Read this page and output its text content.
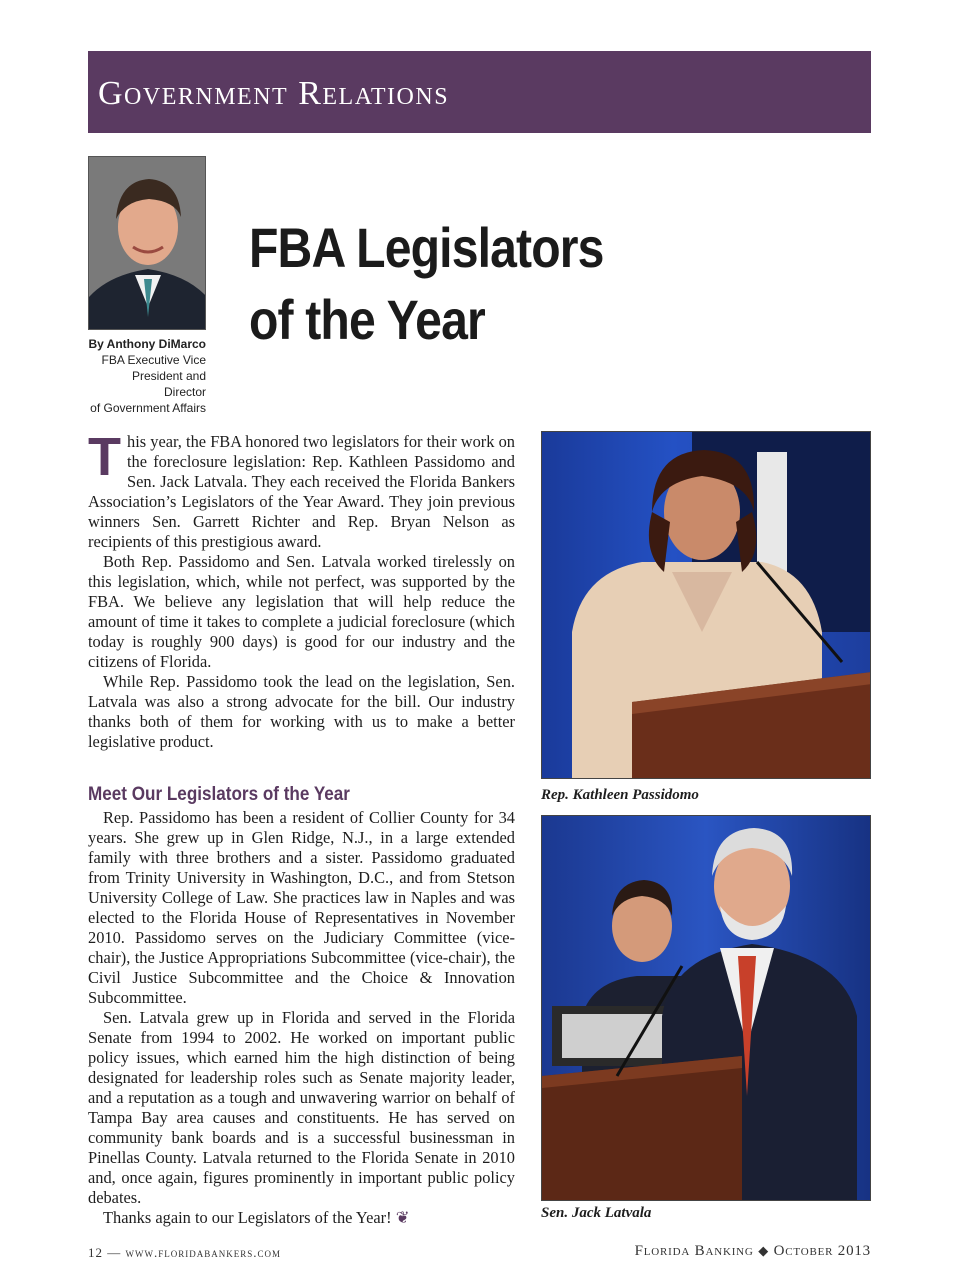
Government Relations
By Anthony DiMarco
FBA Executive Vice
President and Director
of Government Affairs
FBA Legislators
of the Year

This year, the FBA honored two legislators for their work on the foreclosure legislation: Rep. Kathleen Passidomo and Sen. Jack Latvala. They each received the Florida Bankers Association’s Legislators of the Year Award. They join previous winners Sen. Garrett Richter and Rep. Bryan Nelson as recipients of this prestigious award.

Both Rep. Passidomo and Sen. Latvala worked tirelessly on this legislation, which, while not perfect, was supported by the FBA. We believe any legislation that will help reduce the amount of time it takes to complete a judicial foreclosure (which today is roughly 900 days) is good for our industry and the citizens of Florida.

While Rep. Passidomo took the lead on the legislation, Sen. Latvala was also a strong advocate for the bill. Our industry thanks both of them for working with us to make a better legislative product.

Meet Our Legislators of the Year

Rep. Passidomo has been a resident of Collier County for 34 years. She grew up in Glen Ridge, N.J., in a large extended family with three brothers and a sister. Passidomo graduated from Trinity University in Washington, D.C., and from Stetson University College of Law. She practices law in Naples and was elected to the Florida House of Representatives in November 2010. Passidomo serves on the Judiciary Committee (vice-chair), the Justice Appropriations Subcommittee (vice-chair), the Civil Justice Subcommittee and the Choice & Innovation Subcommittee.

Sen. Latvala grew up in Florida and served in the Florida Senate from 1994 to 2002. He worked on important public policy issues, which earned him the high distinction of being designated for leadership roles such as Senate majority leader, and a reputation as a tough and unwavering warrior on behalf of Tampa Bay area causes and constituents. He has served on community bank boards and is a successful businessman in Pinellas County. Latvala returned to the Florida Senate in 2010 and, once again, figures prominently in important public policy debates.

Thanks again to our Legislators of the Year! ❦

Rep. Kathleen Passidomo
Sen. Jack Latvala
12 — www.floridabankers.com	Florida Banking ◆ October 2013
